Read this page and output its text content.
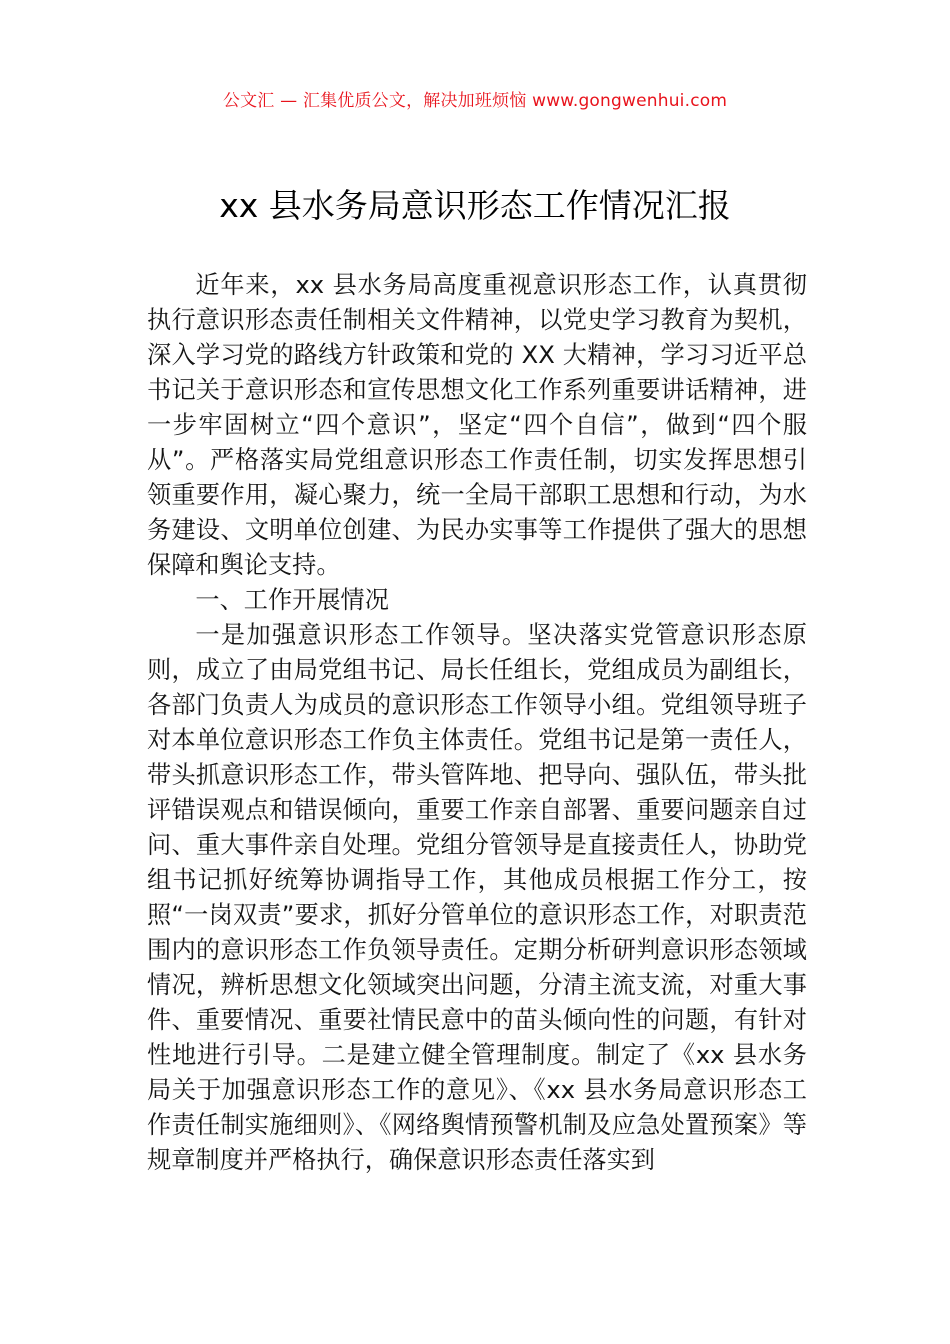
公文汇 — 汇集优质公文，解决加班烦恼 www.gongwenhui.com
xx 县水务局意识形态工作情况汇报

近年来，xx 县水务局高度重视意识形态工作，认真贯彻执行意识形态责任制相关文件精神，以党史学习教育为契机，深入学习党的路线方针政策和党的 XX 大精神，学习习近平总书记关于意识形态和宣传思想文化工作系列重要讲话精神，进一步牢固树立“四个意识”，坚定“四个自信”，做到“四个服从”。严格落实局党组意识形态工作责任制，切实发挥思想引领重要作用，凝心聚力，统一全局干部职工思想和行动，为水务建设、文明单位创建、为民办实事等工作提供了强大的思想保障和舆论支持。

一、工作开展情况

一是加强意识形态工作领导。坚决落实党管意识形态原则，成立了由局党组书记、局长任组长，党组成员为副组长，各部门负责人为成员的意识形态工作领导小组。党组领导班子对本单位意识形态工作负主体责任。党组书记是第一责任人，带头抓意识形态工作，带头管阵地、把导向、强队伍，带头批评错误观点和错误倾向，重要工作亲自部署、重要问题亲自过问、重大事件亲自处理。党组分管领导是直接责任人，协助党组书记抓好统筹协调指导工作，其他成员根据工作分工，按照“一岗双责”要求，抓好分管单位的意识形态工作，对职责范围内的意识形态工作负领导责任。定期分析研判意识形态领域情况，辨析思想文化领域突出问题，分清主流支流，对重大事件、重要情况、重要社情民意中的苗头倾向性的问题，有针对性地进行引导。二是建立健全管理制度。制定了《xx 县水务局关于加强意识形态工作的意见》、《xx 县水务局意识形态工作责任制实施细则》、《网络舆情预警机制及应急处置预案》等规章制度并严格执行，确保意识形态责任落实到
